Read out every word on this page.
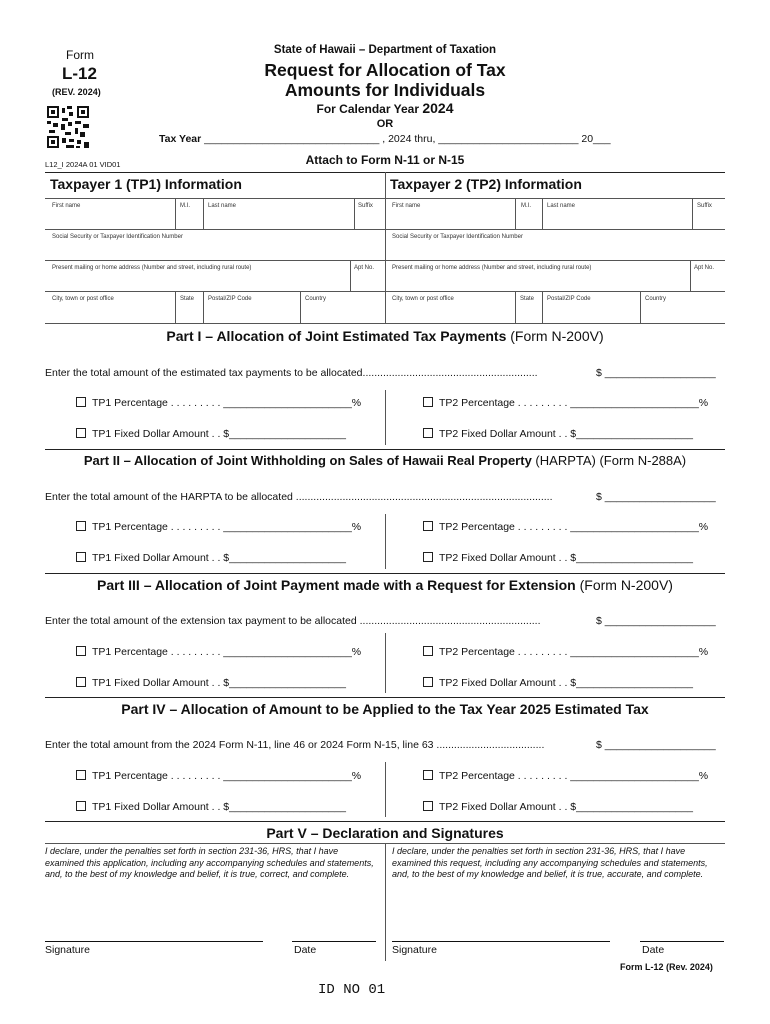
Form
L-12
(REV. 2024)
State of Hawaii – Department of Taxation
Request for Allocation of Tax
Amounts for Individuals
For Calendar Year 2024
OR
Tax Year ______________________________ , 2024 thru, ________________________ 20___
L12_I 2024A 01 VID01	Attach to Form N-11 or N-15
Taxpayer 1 (TP1) Information	Taxpayer 2 (TP2) Information
First name	M.I.	Last name	Suffix	First name	M.I.	Last name	Suffix
Social Security or Taxpayer Identification Number	Social Security or Taxpayer Identification Number
Present mailing or home address (Number and street, including rural route)	Apt No.	Present mailing or home address (Number and street, including rural route)	Apt No.
City, town or post office	State Postal/ZIP Code	Country	City, town or post office	State Postal/ZIP Code	Country
Part I – Allocation of Joint Estimated Tax Payments (Form N-200V)
Enter the total amount of the estimated tax payments to be allocated............................................................	$ ___________________
TP1 Percentage . . . . . . . . . ______________________%	TP2 Percentage . . . . . . . . . ______________________%
TP1 Fixed Dollar Amount . . $____________________	TP2 Fixed Dollar Amount . . $____________________
Part II – Allocation of Joint Withholding on Sales of Hawaii Real Property (HARPTA) (Form N-288A)
Enter the total amount of the HARPTA to be allocated ........................................................................................	$ ___________________
TP1 Percentage . . . . . . . . . ______________________%	TP2 Percentage . . . . . . . . . ______________________%
TP1 Fixed Dollar Amount . . $____________________	TP2 Fixed Dollar Amount . . $____________________
Part III – Allocation of Joint Payment made with a Request for Extension (Form N-200V)
Enter the total amount of the extension tax payment to be allocated ..............................................................	$ ___________________
TP1 Percentage . . . . . . . . . ______________________%	TP2 Percentage . . . . . . . . . ______________________%
TP1 Fixed Dollar Amount . . $____________________	TP2 Fixed Dollar Amount . . $____________________
Part IV – Allocation of Amount to be Applied to the Tax Year 2025 Estimated Tax
Enter the total amount from the 2024 Form N-11, line 46 or 2024 Form N-15, line 63 .....................................	$ ___________________
TP1 Percentage . . . . . . . . . ______________________%	TP2 Percentage . . . . . . . . . ______________________%
TP1 Fixed Dollar Amount . . $____________________	TP2 Fixed Dollar Amount . . $____________________
Part V – Declaration and Signatures
I declare, under the penalties set forth in section 231-36, HRS, that I have examined this application, including any accompanying schedules and statements, and, to the best of my knowledge and belief, it is true, correct, and complete.
I declare, under the penalties set forth in section 231-36, HRS, that I have examined this request, including any accompanying schedules and statements, and, to the best of my knowledge and belief, it is true, accurate, and complete.
Signature	Date	Signature	Date
Form L-12 (Rev. 2024)
ID NO 01
